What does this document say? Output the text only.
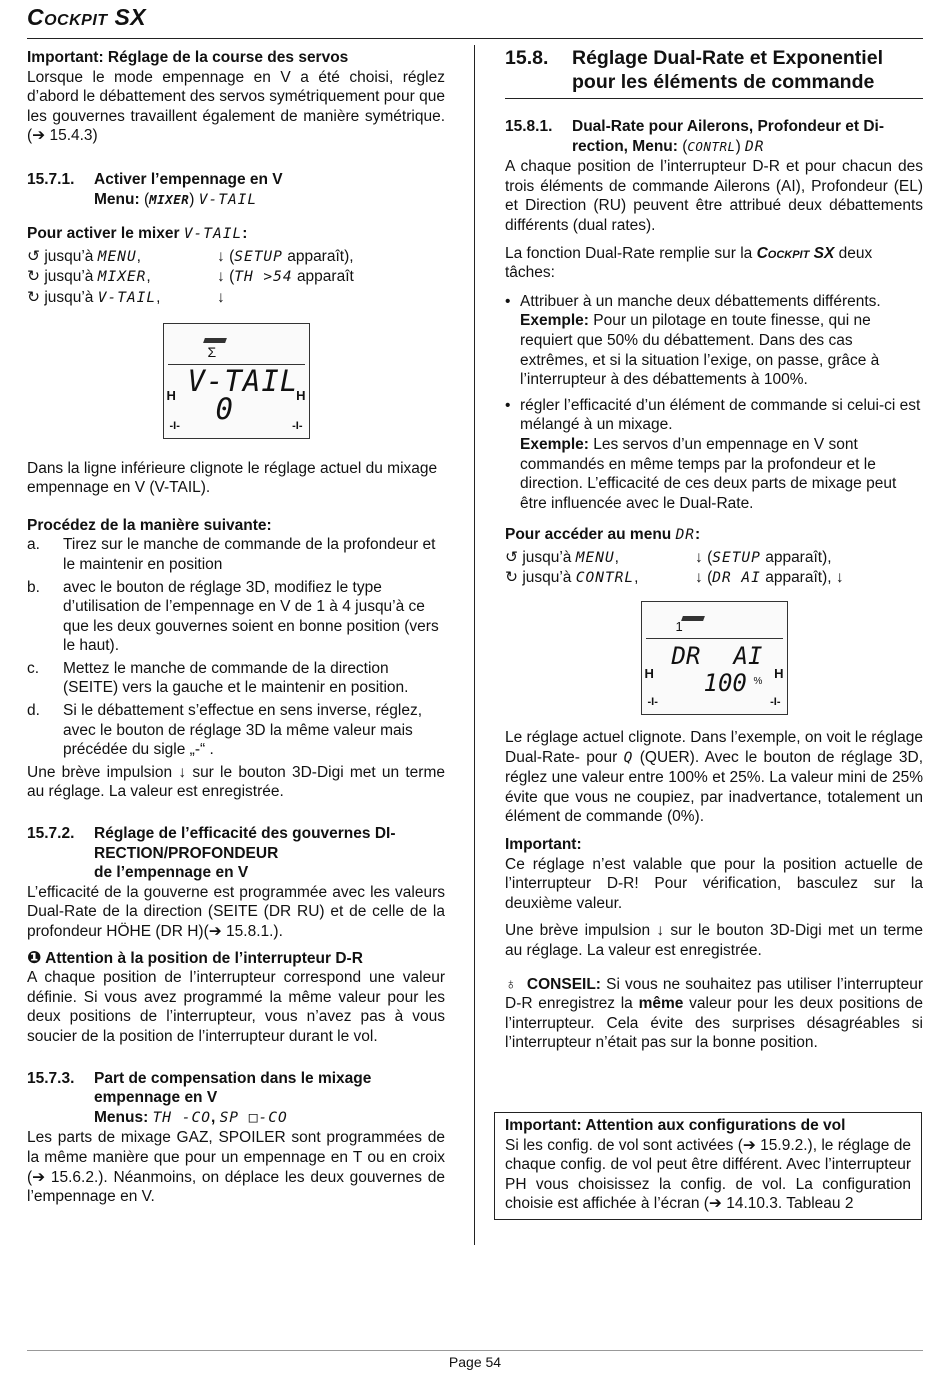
Cockpit SX

Important: Réglage de la course des servos

Lorsque le mode empennage en V a été choisi, réglez d’abord le débattement des servos symétriquement pour que les gouvernes travaillent également de manière symétrique.(➔ 15.4.3)

15.7.1.	Activer l’empennage en V
Menu: (MIXER) V-TAIL

Pour activer le mixer V-TAIL:

↺ jusqu’à MENU,	↓ (SETUP apparaît),
↻ jusqu’à MIXER,	↓ (TH >54 apparaît
↻ jusqu’à V-TAIL,	↓
Σ
V-TAIL
0
H	H
-I-	-I-

Dans la ligne inférieure clignote le réglage actuel du mixage empennage en V (V-TAIL).

Procédez de la manière suivante:

a.	Tirez sur le manche de commande de la profondeur et le maintenir en position
b.	avec le bouton de réglage 3D, modifiez le type d’utilisation de l’empennage en V de 1 à 4 jusqu’à ce que les deux gouvernes soient en bonne position (vers le haut).
c.	Mettez le manche de commande de la direction (SEITE) vers la gauche et le maintenir en position.
d.	Si le débattement s’effectue en sens inverse, réglez, avec le bouton de réglage 3D la même valeur mais précédée du sigle „-“ .

Une brève impulsion ↓ sur le bouton 3D-Digi met un terme au réglage. La valeur est enregistrée.

15.7.2.	Réglage de l’efficacité des gouvernes DI-
RECTION/PROFONDEUR
de l’empennage en V

L’efficacité de la gouverne est programmée avec les valeurs Dual-Rate de la direction (SEITE (DR RU) et de celle de la profondeur HÖHE (DR H)(➔ 15.8.1.).

❶ Attention à la position de l’interrupteur D-R

A chaque position de l’interrupteur correspond une valeur définie. Si vous avez programmé la même valeur pour les deux positions de l’interrupteur, vous n’avez pas à vous soucier de la position de l’interrupteur durant le vol.

15.7.3.	Part de compensation dans le mixage
empennage en V
Menus: TH -CO, SP □-CO

Les parts de mixage GAZ, SPOILER sont programmées de la même manière que pour un empennage en T ou en croix (➔ 15.6.2.). Néanmoins, on déplace les deux gouvernes de l’empennage en V.

15.8.	Réglage Dual-Rate et Exponentiel
pour les éléments de commande
15.8.1.	Dual-Rate pour Ailerons, Profondeur et Di-
rection, Menu: (CONTRL) DR

A chaque position de l’interrupteur D-R et pour chacun des trois éléments de commande Ailerons (AI), Profondeur (EL) et Direction (RU) peuvent être attribué deux débattements différents (dual rates).

La fonction Dual-Rate remplie sur la Cockpit SX deux tâches:

• Attribuer à un manche deux débattements différents.
Exemple: Pour un pilotage en toute finesse, qui ne requiert que 50% du débattement. Dans des cas extrêmes, et si la situation l’exige, on passe, grâce à l’interrupteur à des débattements à 100%.
• régler l’efficacité d’un élément de commande si celui-ci est mélangé à un mixage.
Exemple: Les servos d’un empennage en V sont commandés en même temps par la profondeur et le direction. L’efficacité de ces deux parts de mixage peut être influencée avec le Dual-Rate.

Pour accéder au menu DR:

↺ jusqu’à MENU,	↓ (SETUP apparaît),
↻ jusqu’à CONTRL,	↓ (DR AI apparaît), ↓
1
DR AI
100 %
H	H
-I-	-I-

Le réglage actuel clignote. Dans l’exemple, on voit le réglage Dual-Rate- pour Q (QUER). Avec le bouton de réglage 3D, réglez une valeur entre 100% et 25%. La valeur mini de 25% évite que vous ne coupiez, par inadvertance, totalement un élément de commande (0%).

Important:

Ce réglage n’est valable que pour la position actuelle de l’interrupteur D-R! Pour vérification, basculez sur la deuxième valeur.

Une brève impulsion ↓ sur le bouton 3D-Digi met un terme au réglage. La valeur est enregistrée.

♁ CONSEIL: Si vous ne souhaitez pas utiliser l’interrupteur D-R enregistrez la même valeur pour les deux positions de l’interrupteur. Cela évite des surprises désagréables si l’interrupteur n’était pas sur la bonne position.

Important: Attention aux configurations de vol

Si les config. de vol sont activées (➔ 15.9.2.), le réglage de chaque config. de vol peut être différent. Avec l’interrupteur PH vous choisissez la config. de vol. La configuration choisie est affichée à l’écran (➔ 14.10.3. Tableau 2

Page 54
